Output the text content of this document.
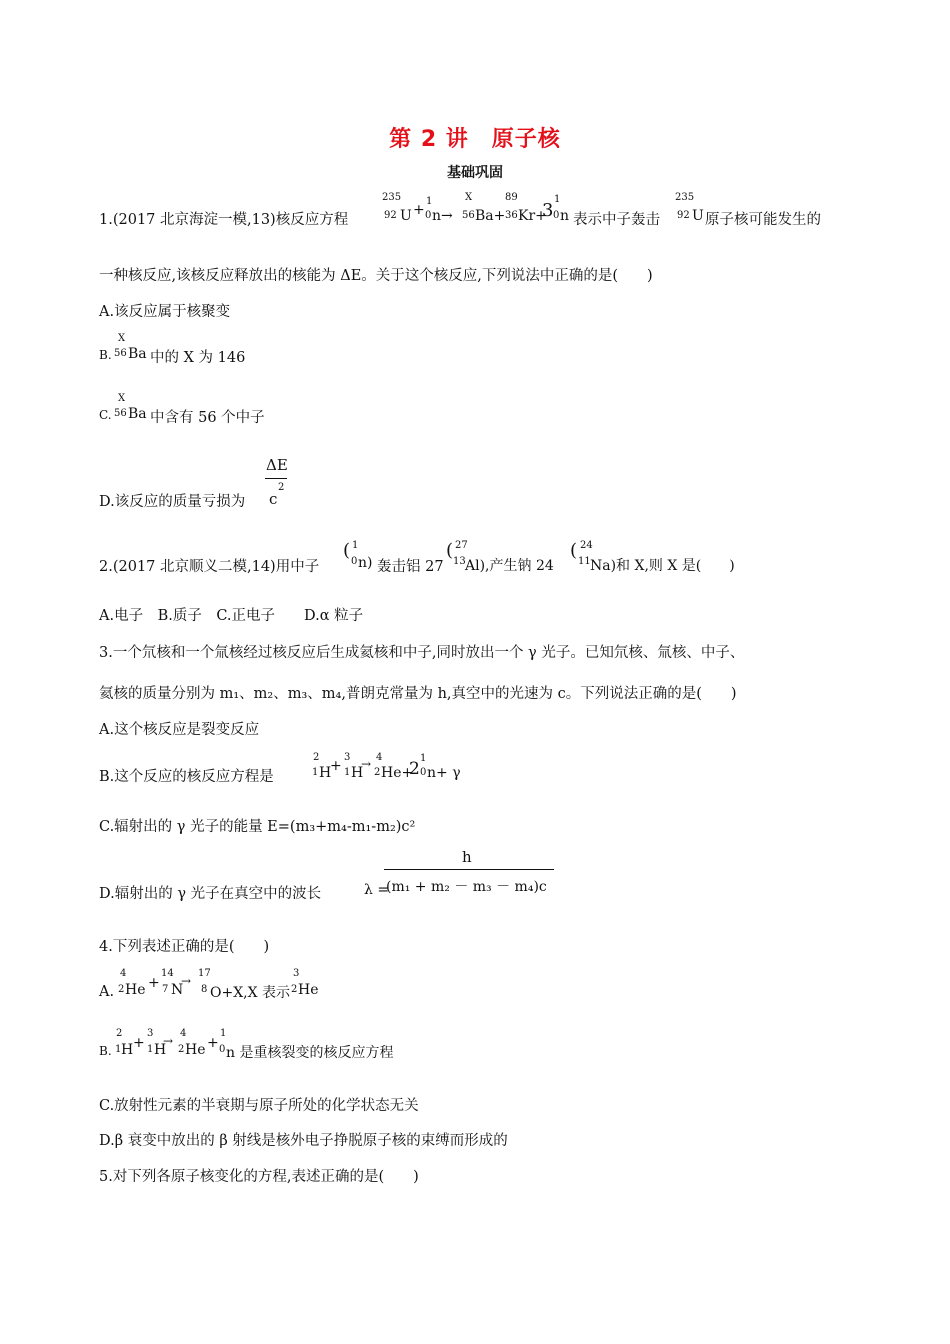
第 2 讲　原子核
基础巩固
1.(2017 北京海淀一模,13)核反应方程
235
92 U +
1
0 n→
X
56 Ba+
89
36 Kr+
3
1
0 n 表示中子轰击
235
92 U 原子核可能发生的
一种核反应,该核反应释放出的核能为 ΔE。关于这个核反应,下列说法中正确的是(　　)
A.该反应属于核聚变
B.
X
56 Ba 中的 X 为 146
C.
X
56 Ba 中含有 56 个中子
D.该反应的质量亏损为
ΔE
c
2
2.(2017 北京顺义二模,14)用中子
( 1
0 n) 轰击铝 27
( 27
13 Al),产生钠 24
( 24
11 Na)和 X,则 X 是(　　)
A.电子　B.质子　C.正电子　　D.α 粒子
3.一个氘核和一个氚核经过核反应后生成氦核和中子,同时放出一个 γ 光子。已知氘核、氚核、中子、
氦核的质量分别为 m₁、m₂、m₃、m₄,普朗克常量为 h,真空中的光速为 c。下列说法正确的是(　　)
A.这个核反应是裂变反应
B.这个反应的核反应方程是
2
1 H
+
3
1 H
→ 4
2 He+
2
1
0 n+ γ
C.辐射出的 γ 光子的能量 E=(m₃+m₄-m₁-m₂)c²
D.辐射出的 γ 光子在真空中的波长	λ =
h
(m₁ + m₂ － m₃ － m₄)c
4.下列表述正确的是(　　)
A.
4
2 He +
14
7 N
→
17
8 O+X,X 表示
3
2 He
B.
2
1 H +
3
1 H
→
4
2 He +
1
0 n 是重核裂变的核反应方程
C.放射性元素的半衰期与原子所处的化学状态无关
D.β 衰变中放出的 β 射线是核外电子挣脱原子核的束缚而形成的
5.对下列各原子核变化的方程,表述正确的是(　　)
